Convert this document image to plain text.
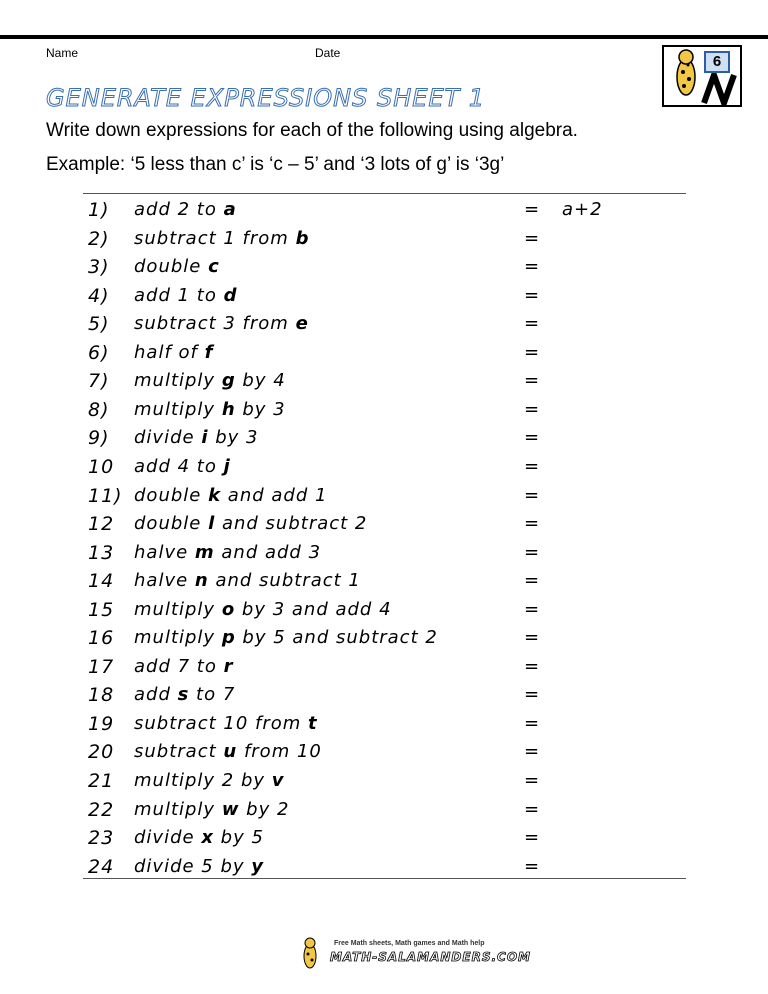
Name	Date	6
GENERATE EXPRESSIONS SHEET 1
Write down expressions for each of the following using algebra.
Example: ‘5 less than c’ is ‘c – 5’ and ‘3 lots of g’ is ‘3g’
1) add 2 to a	= a+2
2) subtract 1 from b	=
3) double c	=
4) add 1 to d	=
5) subtract 3 from e	=
6) half of f	=
7) multiply g by 4	=
8) multiply h by 3	=
9) divide i by 3	=
10 add 4 to j	=
11) double k and add 1	=
12 double l and subtract 2	=
13 halve m and add 3	=
14 halve n and subtract 1	=
15 multiply o by 3 and add 4	=
16 multiply p by 5 and subtract 2	=
17 add 7 to r	=
18 add s to 7	=
19 subtract 10 from t	=
20 subtract u from 10	=
21 multiply 2 by v	=
22 multiply w by 2	=
23 divide x by 5	=
24 divide 5 by y	=
Free Math sheets, Math games and Math help
MATH-SALAMANDERS.COM
